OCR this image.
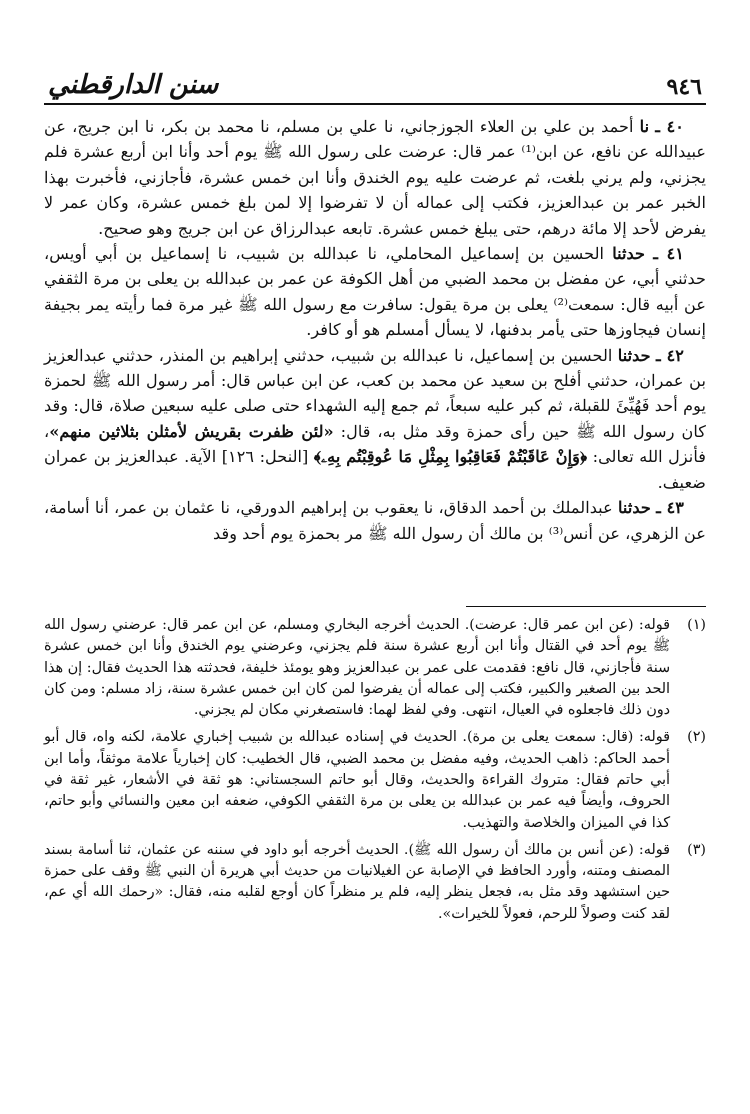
٩٤٦
سنن الدارقطني

٤٠ ـ نا أحمد بن علي بن العلاء الجوزجاني، نا علي بن مسلم، نا محمد بن بكر، نا ابن جريج، عن عبيدالله عن نافع، عن ابن⁽¹⁾ عمر قال: عرضت على رسول الله ﷺ يوم أحد وأنا ابن أربع عشرة فلم يجزني، ولم يرني بلغت، ثم عرضت عليه يوم الخندق وأنا ابن خمس عشرة، فأجازني، فأخبرت بهذا الخبر عمر بن عبدالعزيز، فكتب إلى عماله أن لا تفرضوا إلا لمن بلغ خمس عشرة، وكان عمر لا يفرض لأحد إلا مائة درهم، حتى يبلغ خمس عشرة. تابعه عبدالرزاق عن ابن جريج وهو صحيح.

٤١ ـ حدثنا الحسين بن إسماعيل المحاملي، نا عبدالله بن شبيب، نا إسماعيل بن أبي أويس، حدثني أبي، عن مفضل بن محمد الضبي من أهل الكوفة عن عمر بن عبدالله بن يعلى بن مرة الثقفي عن أبيه قال: سمعت⁽²⁾ يعلى بن مرة يقول: سافرت مع رسول الله ﷺ غير مرة فما رأيته يمر بجيفة إنسان فيجاوزها حتى يأمر بدفنها، لا يسأل أمسلم هو أو كافر.

٤٢ ـ حدثنا الحسين بن إسماعيل، نا عبدالله بن شبيب، حدثني إبراهيم بن المنذر، حدثني عبدالعزيز بن عمران، حدثني أفلح بن سعيد عن محمد بن كعب، عن ابن عباس قال: أمر رسول الله ﷺ لحمزة يوم أحد فَهُيِّئَ للقبلة، ثم كبر عليه سبعاً، ثم جمع إليه الشهداء حتى صلى عليه سبعين صلاة، قال: وقد كان رسول الله ﷺ حين رأى حمزة وقد مثل به، قال: «لئن ظفرت بقريش لأمثلن بثلاثين منهم»، فأنزل الله تعالى: ﴿وَإِنْ عَاقَبْتُمْ فَعَاقِبُوا بِمِثْلِ مَا عُوقِبْتُم بِهِۦ﴾ [النحل: ١٢٦] الآية. عبدالعزيز بن عمران ضعيف.

٤٣ ـ حدثنا عبدالملك بن أحمد الدقاق، نا يعقوب بن إبراهيم الدورقي، نا عثمان بن عمر، أنا أسامة، عن الزهري، عن أنس⁽³⁾ بن مالك أن رسول الله ﷺ مر بحمزة يوم أحد وقد

(١)
قوله: (عن ابن عمر قال: عرضت). الحديث أخرجه البخاري ومسلم، عن ابن عمر قال: عرضني رسول الله ﷺ يوم أحد في القتال وأنا ابن أربع عشرة سنة فلم يجزني، وعرضني يوم الخندق وأنا ابن خمس عشرة سنة فأجازني، قال نافع: فقدمت على عمر بن عبدالعزيز وهو يومئذ خليفة، فحدثته هذا الحديث فقال: إن هذا الحد بين الصغير والكبير، فكتب إلى عماله أن يفرضوا لمن كان ابن خمس عشرة سنة، زاد مسلم: ومن كان دون ذلك فاجعلوه في العيال، انتهى. وفي لفظ لهما: فاستصغرني مكان لم يجزني.
(٢)
قوله: (قال: سمعت يعلى بن مرة). الحديث في إسناده عبدالله بن شبيب إخباري علامة، لكنه واه، قال أبو أحمد الحاكم: ذاهب الحديث، وفيه مفضل بن محمد الضبي، قال الخطيب: كان إخبارياً علامة موثقاً، وأما ابن أبي حاتم فقال: متروك القراءة والحديث، وقال أبو حاتم السجستاني: هو ثقة في الأشعار، غير ثقة في الحروف، وأيضاً فيه عمر بن عبدالله بن يعلى بن مرة الثقفي الكوفي، ضعفه ابن معين والنسائي وأبو حاتم، كذا في الميزان والخلاصة والتهذيب.
(٣)
قوله: (عن أنس بن مالك أن رسول الله ﷺ). الحديث أخرجه أبو داود في سننه عن عثمان، ثنا أسامة بسند المصنف ومتنه، وأورد الحافظ في الإصابة عن الغيلانيات من حديث أبي هريرة أن النبي ﷺ وقف على حمزة حين استشهد وقد مثل به، فجعل ينظر إليه، فلم ير منظراً كان أوجع لقلبه منه، فقال: «رحمك الله أي عم، لقد كنت وصولاً للرحم، فعولاً للخيرات».
